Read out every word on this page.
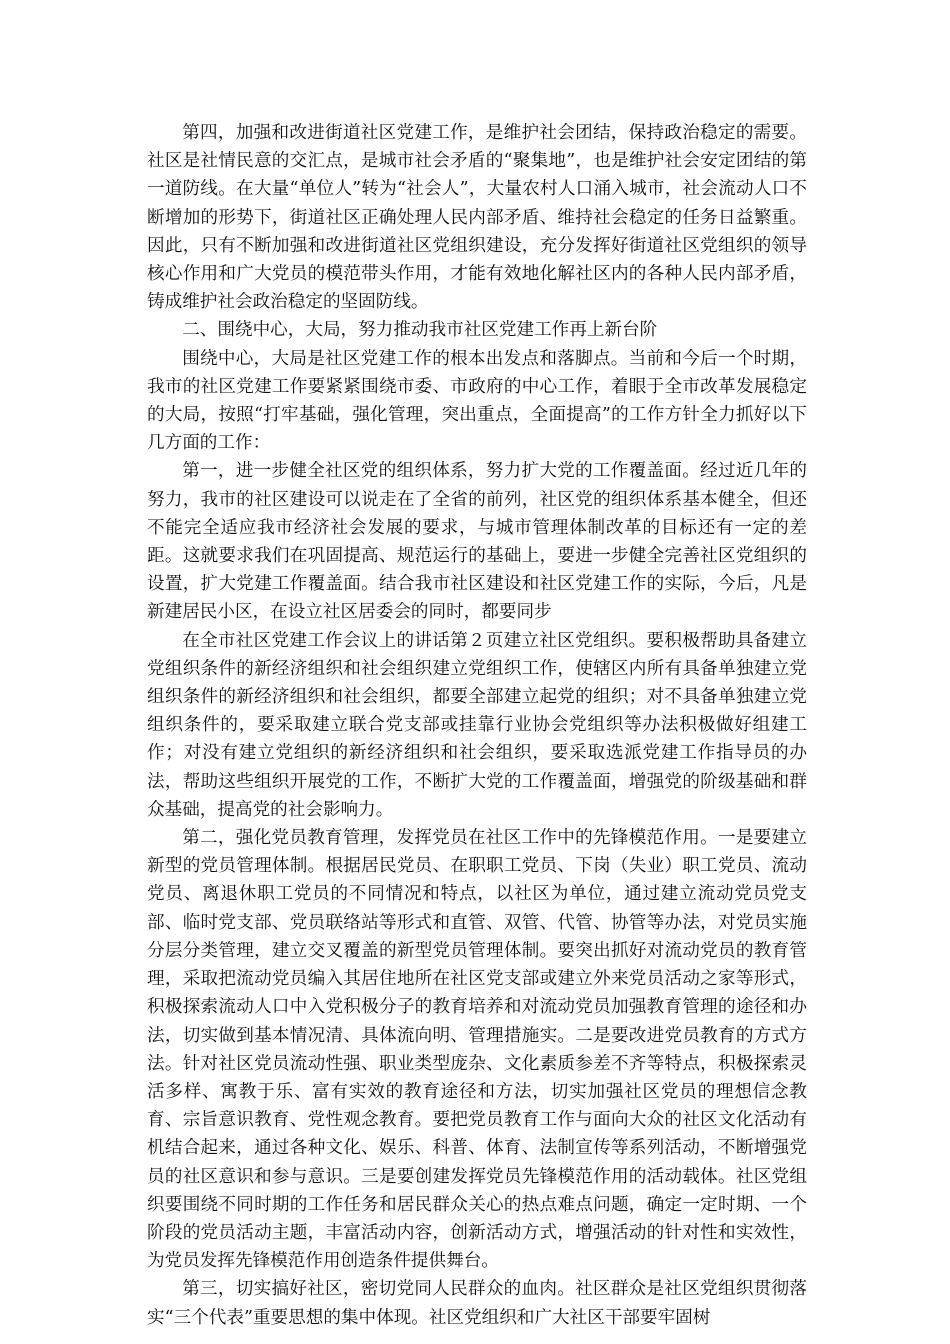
第四，加强和改进街道社区党建工作，是维护社会团结，保持政治稳定的需要。社区是社情民意的交汇点，是城市社会矛盾的“聚集地”，也是维护社会安定团结的第一道防线。在大量“单位人”转为“社会人”，大量农村人口涌入城市，社会流动人口不断增加的形势下，街道社区正确处理人民内部矛盾、维持社会稳定的任务日益繁重。因此，只有不断加强和改进街道社区党组织建设，充分发挥好街道社区党组织的领导核心作用和广大党员的模范带头作用，才能有效地化解社区内的各种人民内部矛盾，铸成维护社会政治稳定的坚固防线。

二、围绕中心，大局，努力推动我市社区党建工作再上新台阶

围绕中心，大局是社区党建工作的根本出发点和落脚点。当前和今后一个时期，我市的社区党建工作要紧紧围绕市委、市政府的中心工作，着眼于全市改革发展稳定的大局，按照“打牢基础，强化管理，突出重点，全面提高”的工作方针全力抓好以下几方面的工作：

第一，进一步健全社区党的组织体系，努力扩大党的工作覆盖面。经过近几年的努力，我市的社区建设可以说走在了全省的前列，社区党的组织体系基本健全，但还不能完全适应我市经济社会发展的要求，与城市管理体制改革的目标还有一定的差距。这就要求我们在巩固提高、规范运行的基础上，要进一步健全完善社区党组织的设置，扩大党建工作覆盖面。结合我市社区建设和社区党建工作的实际，今后，凡是新建居民小区，在设立社区居委会的同时，都要同步

在全市社区党建工作会议上的讲话第２页建立社区党组织。要积极帮助具备建立党组织条件的新经济组织和社会组织建立党组织工作，使辖区内所有具备单独建立党组织条件的新经济组织和社会组织，都要全部建立起党的组织；对不具备单独建立党组织条件的，要采取建立联合党支部或挂靠行业协会党组织等办法积极做好组建工作；对没有建立党组织的新经济组织和社会组织，要采取选派党建工作指导员的办法，帮助这些组织开展党的工作，不断扩大党的工作覆盖面，增强党的阶级基础和群众基础，提高党的社会影响力。

第二，强化党员教育管理，发挥党员在社区工作中的先锋模范作用。一是要建立新型的党员管理体制。根据居民党员、在职职工党员、下岗（失业）职工党员、流动党员、离退休职工党员的不同情况和特点，以社区为单位，通过建立流动党员党支部、临时党支部、党员联络站等形式和直管、双管、代管、协管等办法，对党员实施分层分类管理，建立交叉覆盖的新型党员管理体制。要突出抓好对流动党员的教育管理，采取把流动党员编入其居住地所在社区党支部或建立外来党员活动之家等形式，积极探索流动人口中入党积极分子的教育培养和对流动党员加强教育管理的途径和办法，切实做到基本情况清、具体流向明、管理措施实。二是要改进党员教育的方式方法。针对社区党员流动性强、职业类型庞杂、文化素质参差不齐等特点，积极探索灵活多样、寓教于乐、富有实效的教育途径和方法，切实加强社区党员的理想信念教育、宗旨意识教育、党性观念教育。要把党员教育工作与面向大众的社区文化活动有机结合起来，通过各种文化、娱乐、科普、体育、法制宣传等系列活动，不断增强党员的社区意识和参与意识。三是要创建发挥党员先锋模范作用的活动载体。社区党组织要围绕不同时期的工作任务和居民群众关心的热点难点问题，确定一定时期、一个阶段的党员活动主题，丰富活动内容，创新活动方式，增强活动的针对性和实效性，为党员发挥先锋模范作用创造条件提供舞台。

第三，切实搞好社区，密切党同人民群众的血肉。社区群众是社区党组织贯彻落实“三个代表”重要思想的集中体现。社区党组织和广大社区干部要牢固树
